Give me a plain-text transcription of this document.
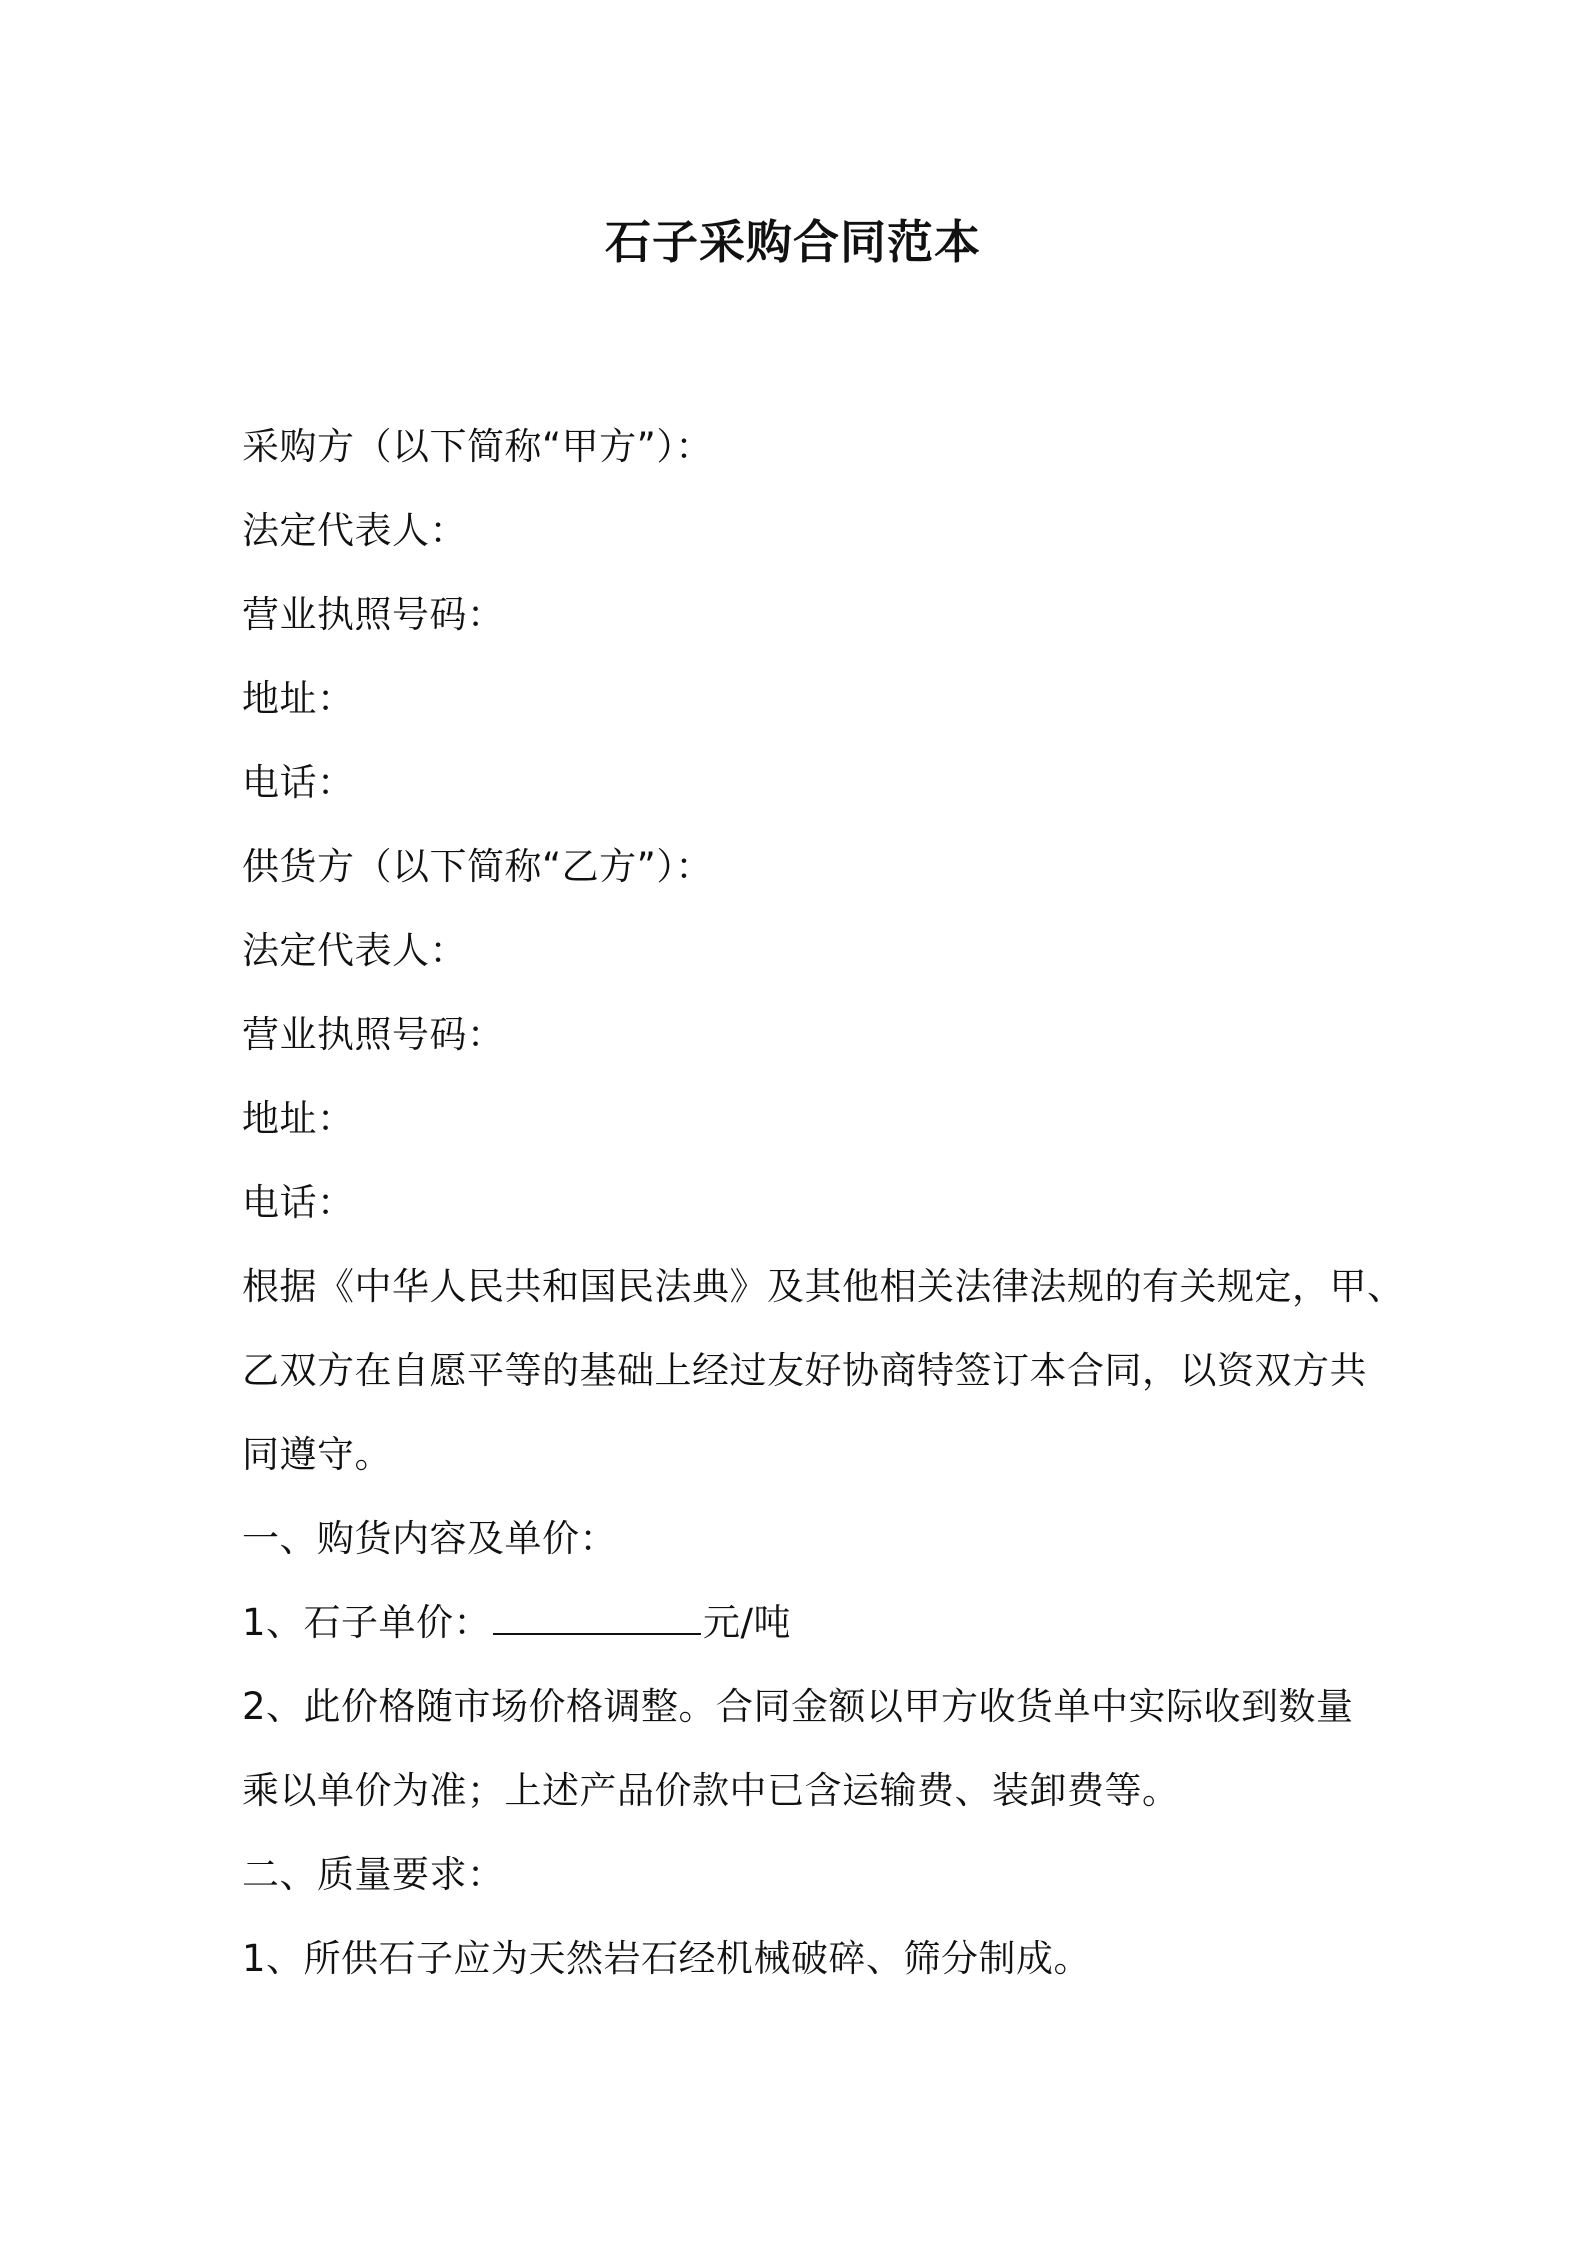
石子采购合同范本
采购方（以下简称“甲方”）：
法定代表人：
营业执照号码：
地址：
电话：
供货方（以下简称“乙方”）：
法定代表人：
营业执照号码：
地址：
电话：
根据《中华人民共和国民法典》及其他相关法律法规的有关规定，甲、
乙双方在自愿平等的基础上经过友好协商特签订本合同，以资双方共
同遵守。
一、购货内容及单价：
1、石子单价：	元/吨
2、此价格随市场价格调整。合同金额以甲方收货单中实际收到数量
乘以单价为准；上述产品价款中已含运输费、装卸费等。
二、质量要求：
1、所供石子应为天然岩石经机械破碎、筛分制成。
